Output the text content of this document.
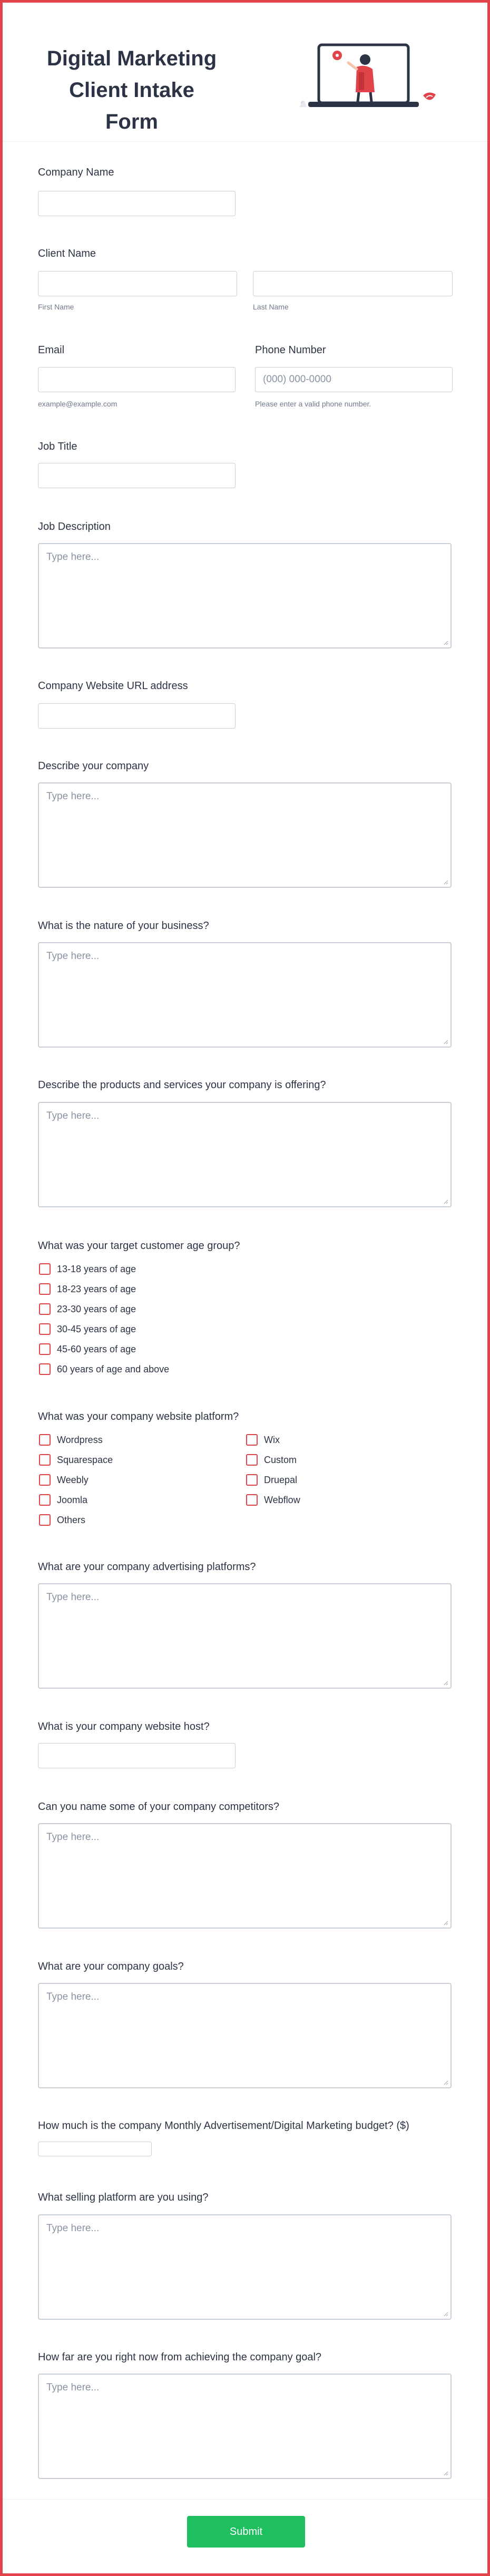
Digital Marketing
Client Intake Form
Company Name
Client Name
First Name	Last Name
Email
example@example.com
Phone Number
(000) 000-0000
Please enter a valid phone number.
Job Title
Job Description
Type here...
Company Website URL address
Describe your company
Type here...
What is the nature of your business?
Type here...
Describe the products and services your company is offering?
Type here...
What was your target customer age group?
13-18 years of age
18-23 years of age
23-30 years of age
30-45 years of age
45-60 years of age
60 years of age and above
What was your company website platform?
Wordpress
Squarespace
Weebly
Joomla
Others
Wix
Custom
Druepal
Webflow
What are your company advertising platforms?
Type here...
What is your company website host?
Can you name some of your company competitors?
Type here...
What are your company goals?
Type here...
How much is the company Monthly Advertisement/Digital Marketing budget? ($)
What selling platform are you using?
Type here...
How far are you right now from achieving the company goal?
Type here...
Submit
